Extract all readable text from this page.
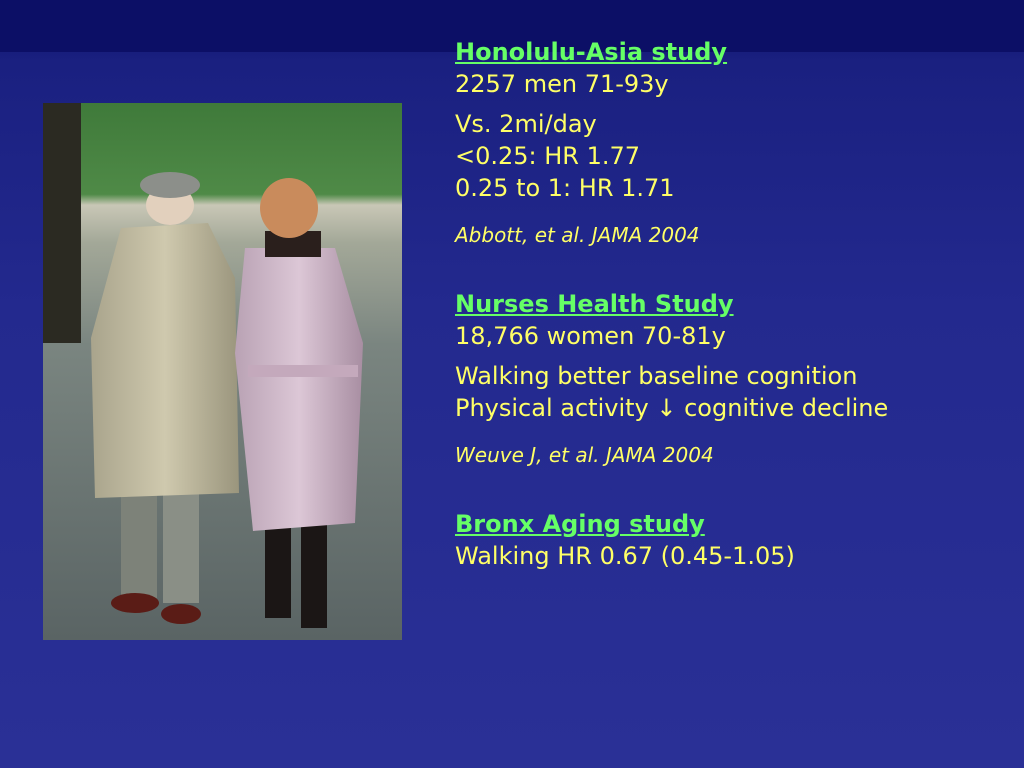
Honolulu-Asia study
2257 men 71-93y
Vs. 2mi/day
<0.25: HR 1.77
0.25 to 1: HR 1.71
Abbott, et al. JAMA 2004
Nurses Health Study
18,766 women 70-81y
Walking better baseline cognition
Physical activity ↓ cognitive decline
Weuve J, et al. JAMA 2004
Bronx Aging study
Walking HR 0.67 (0.45-1.05)
